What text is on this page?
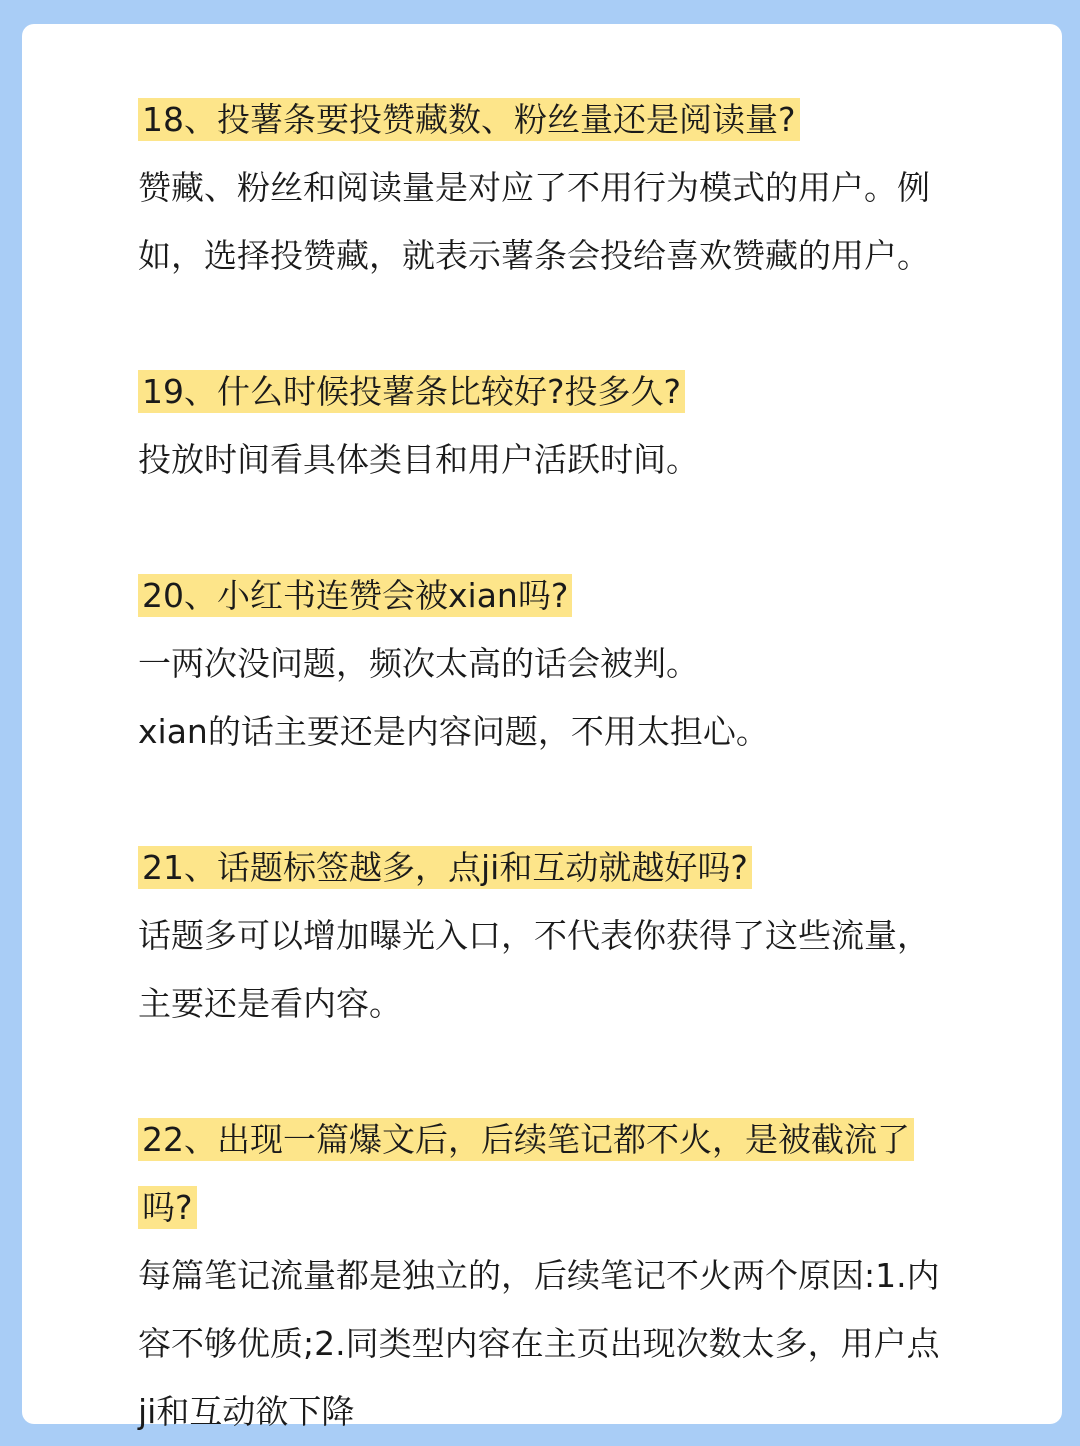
18、投薯条要投赞藏数、粉丝量还是阅读量?

赞藏、粉丝和阅读量是对应了不用行为模式的用户。例

如，选择投赞藏，就表示薯条会投给喜欢赞藏的用户。

19、什么时候投薯条比较好?投多久?

投放时间看具体类目和用户活跃时间。

20、小红书连赞会被xian吗?

一两次没问题，频次太高的话会被判。

xian的话主要还是内容问题，不用太担心。

21、话题标签越多，点ji和互动就越好吗?

话题多可以增加曝光入口，不代表你获得了这些流量，

主要还是看内容。

22、出现一篇爆文后，后续笔记都不火，是被截流了吗?

每篇笔记流量都是独立的，后续笔记不火两个原因:1.内

容不够优质;2.同类型内容在主页出现次数太多，用户点

ji和互动欲下降
